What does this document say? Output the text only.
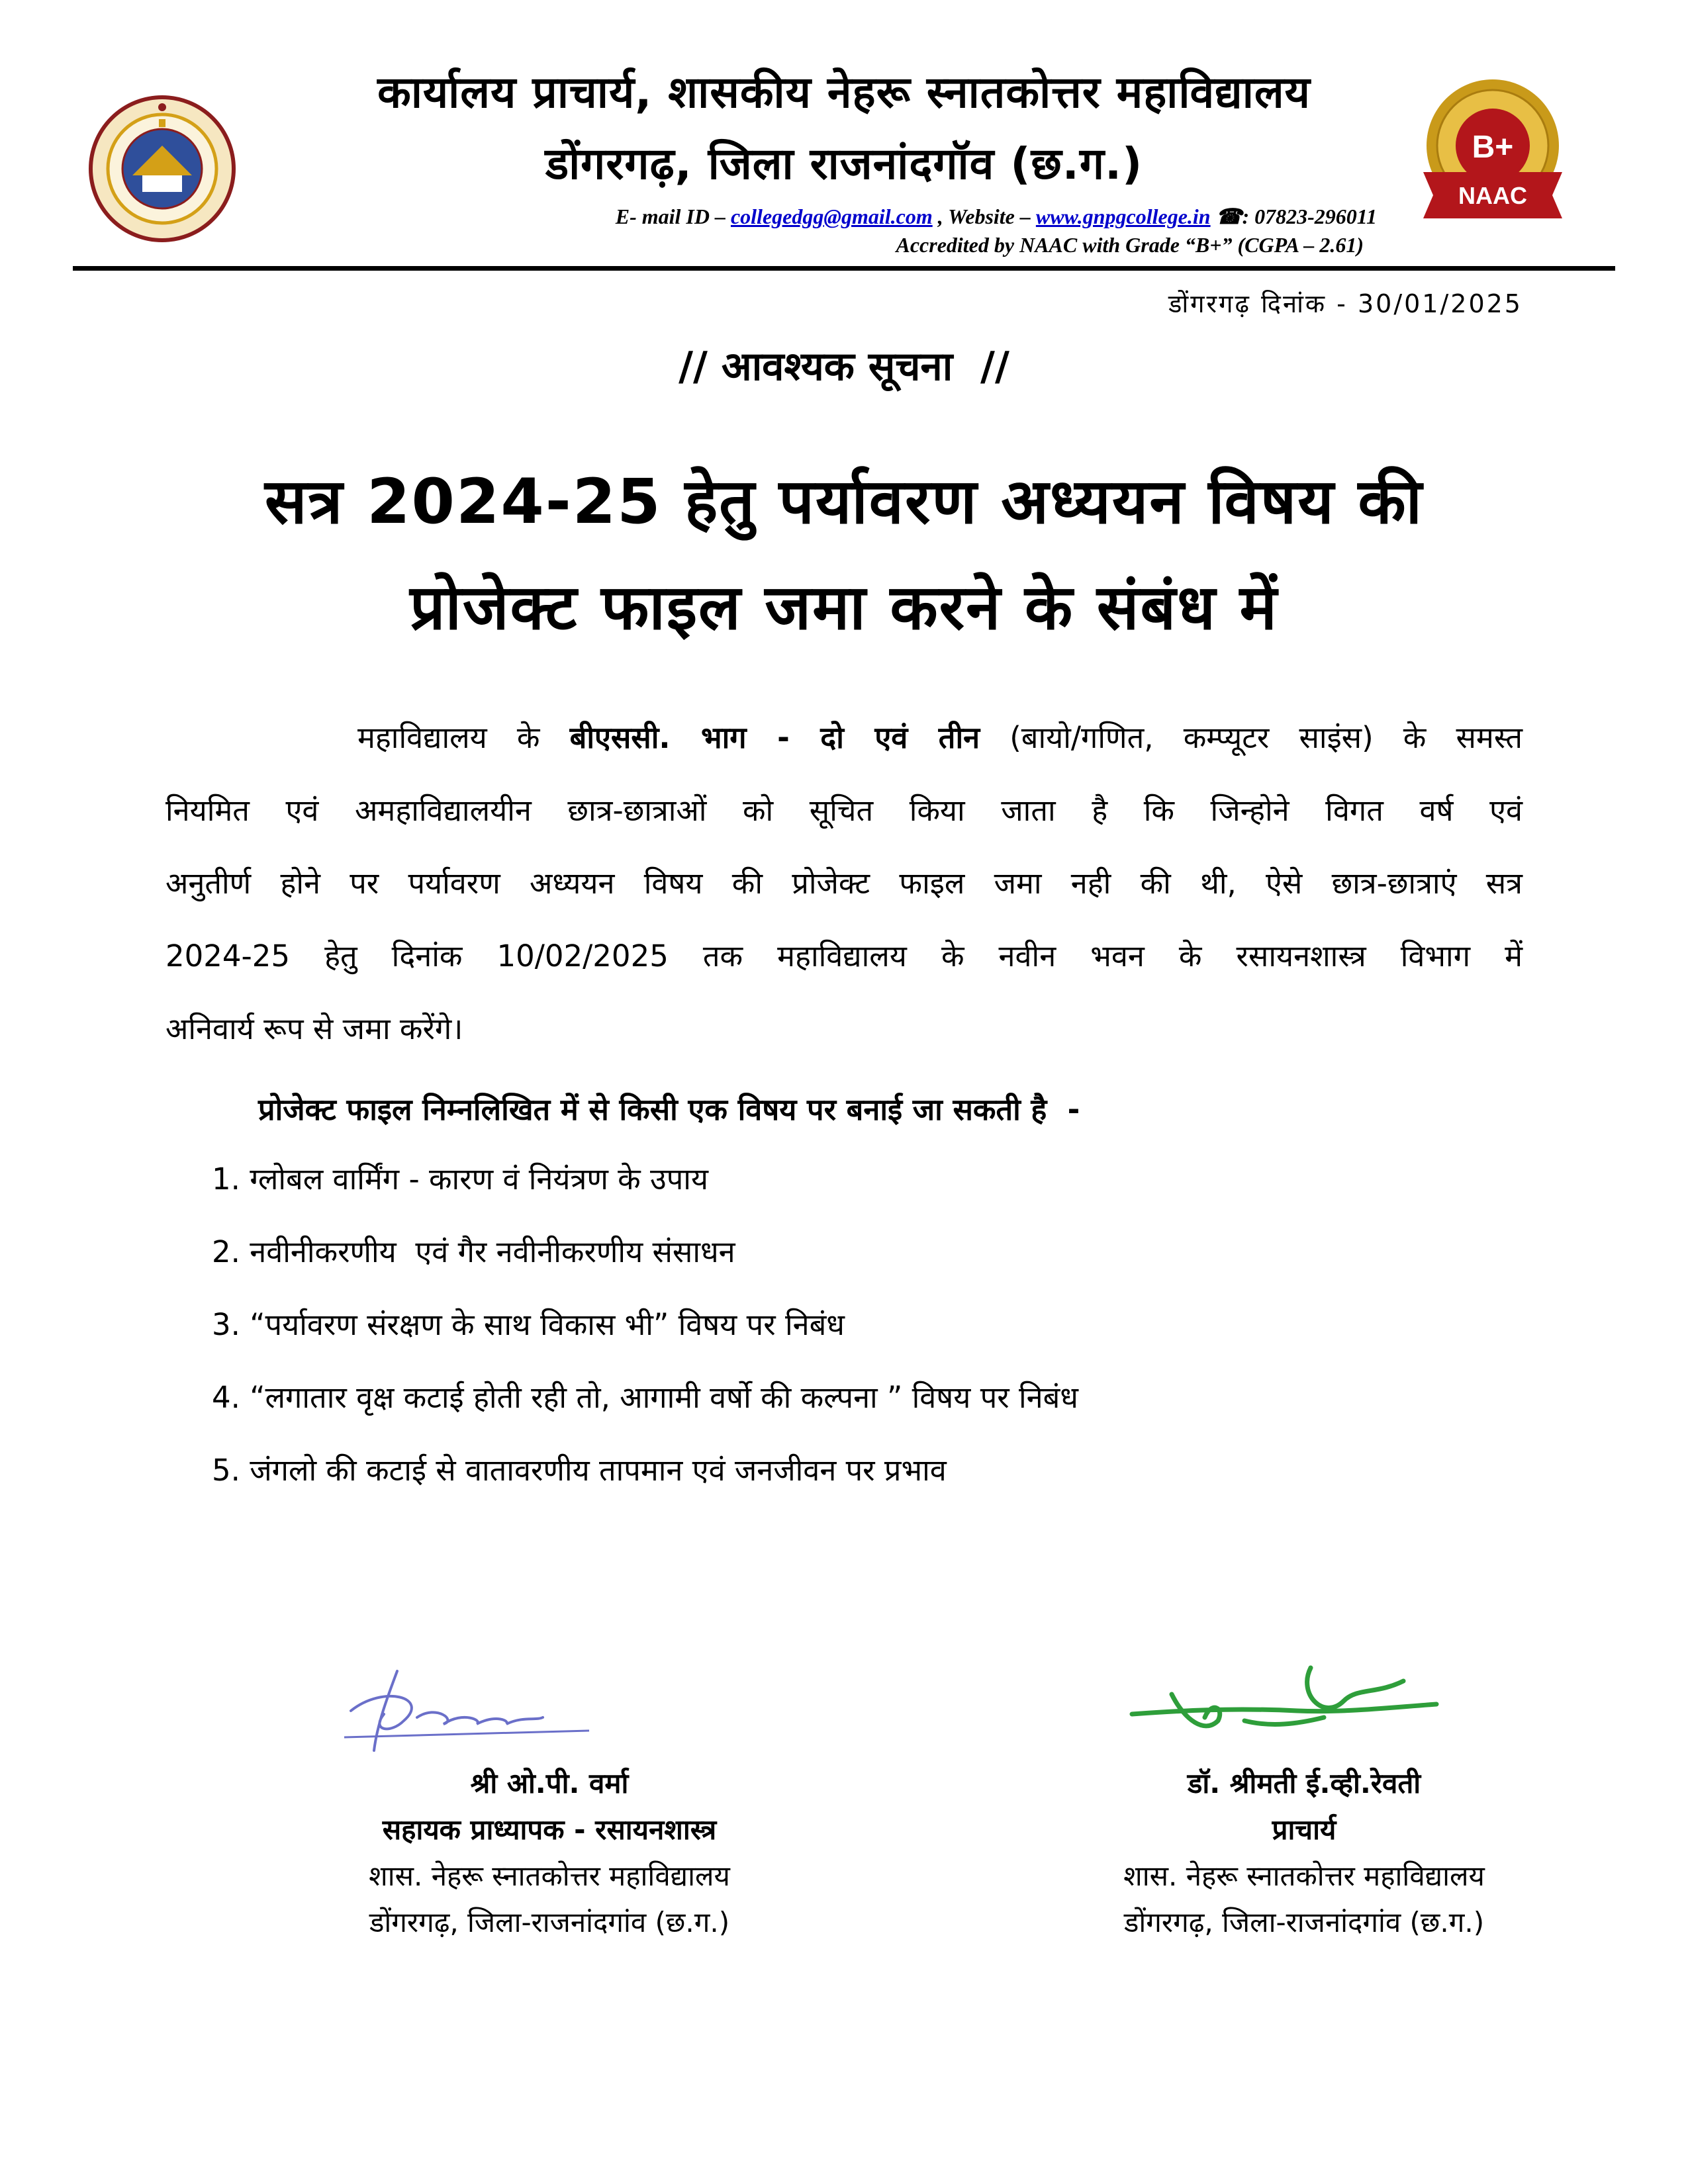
कार्यालय प्राचार्य, शासकीय नेहरू स्नातकोत्तर महाविद्यालय
डोंगरगढ़, जिला राजनांदगॉव (छ.ग.)
E- mail ID – collegedgg@gmail.com , Website – www.gnpgcollege.in ☎: 07823-296011
Accredited by NAAC with Grade “B+” (CGPA – 2.61)
B+
NAAC
डोंगरगढ़ दिनांक - 30/01/2025
// आवश्यक सूचना  //
सत्र 2024-25 हेतु पर्यावरण अध्ययन विषय की
प्रोजेक्ट फाइल जमा करने के संबंध में
महाविद्यालय के बीएससी. भाग - दो एवं तीन (बायो/गणित, कम्प्यूटर साइंस) के समस्त
नियमित एवं अमहाविद्यालयीन छात्र-छात्राओं को सूचित किया जाता है कि जिन्होने विगत वर्ष एवं
अनुतीर्ण होने पर पर्यावरण अध्ययन विषय की प्रोजेक्ट फाइल जमा नही की थी, ऐसे छात्र-छात्राएं सत्र
2024-25 हेतु दिनांक 10/02/2025 तक महाविद्यालय के नवीन भवन के रसायनशास्त्र विभाग में
अनिवार्य रूप से जमा करेंगे।
प्रोजेक्ट फाइल निम्नलिखित में से किसी एक विषय पर बनाई जा सकती है  -
1. ग्लोबल वार्मिंग - कारण वं नियंत्रण के उपाय
2. नवीनीकरणीय  एवं गैर नवीनीकरणीय संसाधन
3. “पर्यावरण संरक्षण के साथ विकास भी” विषय पर निबंध
4. “लगातार वृक्ष कटाई होती रही तो, आगामी वर्षो की कल्पना ” विषय पर निबंध
5. जंगलो की कटाई से वातावरणीय तापमान एवं जनजीवन पर प्रभाव
श्री ओ.पी. वर्मा
सहायक प्राध्यापक - रसायनशास्त्र
शास. नेहरू स्नातकोत्तर महाविद्यालय
डोंगरगढ़, जिला-राजनांदगांव (छ.ग.)
डॉ. श्रीमती ई.व्ही.रेवती
प्राचार्य
शास. नेहरू स्नातकोत्तर महाविद्यालय
डोंगरगढ़, जिला-राजनांदगांव (छ.ग.)
